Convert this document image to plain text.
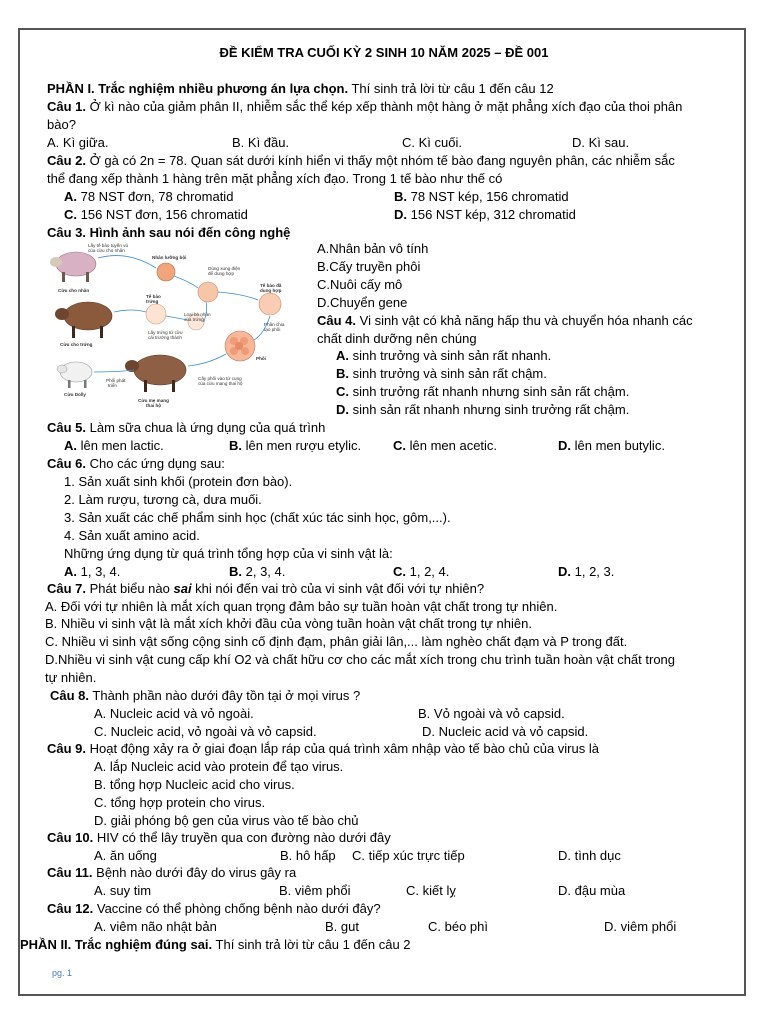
ĐỀ KIỂM TRA CUỐI KỲ 2 SINH 10 NĂM 2025 – ĐỀ 001
PHẦN I. Trắc nghiệm nhiều phương án lựa chọn. Thí sinh trả lời từ câu 1 đến câu 12
Câu 1. Ở kì nào của giảm phân II, nhiễm sắc thể kép xếp thành một hàng ở mặt phẳng xích đạo của thoi phân
bào?
A. Kì giữa.	B. Kì đầu.	C. Kì cuối.	D. Kì sau.
Câu 2. Ở gà có 2n = 78. Quan sát dưới kính hiển vi thấy một nhóm tế bào đang nguyên phân, các nhiễm sắc
thể đang xếp thành 1 hàng trên mặt phẳng xích đạo. Trong 1 tế bào như thế có
A. 78 NST đơn, 78 chromatid	B. 78 NST kép, 156 chromatid
C. 156 NST đơn, 156 chromatid	D. 156 NST kép, 312 chromatid
Câu 3. Hình ảnh sau nói đến công nghệ
Lấy tế bào tuyến vú
của cừu cho nhân
Nhân lưỡng bội
Dùng xung điện
để dung hợp
Tế bào đã
dung hợp
Cừu cho nhân
Tế bào
trứng
Loại bỏ nhân
của trứng
Cừu cho trứng
Lấy trứng từ cừu
cái trưởng thành
Phân chia
tạo phôi
Phôi
Cừu mẹ mang
thai hộ
Cấy phôi vào tử cung
của cừu mang thai hộ
Cừu Dolly
Phôi phát
triển
A.Nhân bản vô tính
B.Cấy truyền phôi
C.Nuôi cấy mô
D.Chuyển gene
Câu 4. Vi sinh vật có khả năng hấp thu và chuyển hóa nhanh các
chất dinh dưỡng nên chúng
A. sinh trưởng và sinh sản rất nhanh.
B. sinh trưởng và sinh sản rất chậm.
C. sinh trưởng rất nhanh nhưng sinh sản rất chậm.
D. sinh sản rất nhanh nhưng sinh trưởng rất chậm.
Câu 5. Làm sữa chua là ứng dụng của quá trình
A. lên men lactic.	B. lên men rượu etylic. C. lên men acetic.	D. lên men butylic.
Câu 6. Cho các ứng dụng sau:
1. Sản xuất sinh khối (protein đơn bào).
2. Làm rượu, tương cà, dưa muối.
3. Sản xuất các chế phẩm sinh học (chất xúc tác sinh học, gôm,...).
4. Sản xuất amino acid.
Những ứng dụng từ quá trình tổng hợp của vi sinh vật là:
A. 1, 3, 4.	B. 2, 3, 4.	C. 1, 2, 4.	D. 1, 2, 3.
Câu 7. Phát biểu nào sai khi nói đến vai trò của vi sinh vật đối với tự nhiên?
A. Đối với tự nhiên là mắt xích quan trọng đảm bảo sự tuần hoàn vật chất trong tự nhiên.
B. Nhiều vi sinh vật là mắt xích khởi đầu của vòng tuần hoàn vật chất trong tự nhiên.
C. Nhiều vi sinh vật sống cộng sinh cố định đạm, phân giải lân,... làm nghèo chất đạm và P trong đất.
D.Nhiều vi sinh vật cung cấp khí O2 và chất hữu cơ cho các mắt xích trong chu trình tuần hoàn vật chất trong
tự nhiên.
Câu 8. Thành phần nào dưới đây tồn tại ở mọi virus ?
A. Nucleic acid và vỏ ngoài.	B. Vỏ ngoài và vỏ capsid.
C. Nucleic acid, vỏ ngoài và vỏ capsid.	D. Nucleic acid và vỏ capsid.
Câu 9. Hoạt động xảy ra ở giai đoạn lắp ráp của quá trình xâm nhập vào tế bào chủ của virus là
A. lắp Nucleic acid vào protein để tạo virus.
B. tổng hợp Nucleic acid cho virus.
C. tổng hợp protein cho virus.
D. giải phóng bộ gen của virus vào tế bào chủ
Câu 10. HIV có thể lây truyền qua con đường nào dưới đây
A. ăn uống	B. hô hấp C. tiếp xúc trực tiếp	D. tình dục
Câu 11. Bệnh nào dưới đây do virus gây ra
A. suy tim	B. viêm phổi	C. kiết lỵ	D. đậu mùa
Câu 12. Vaccine có thể phòng chống bệnh nào dưới đây?
A. viêm não nhật bản	B. gut	C. béo phì	D. viêm phổi
PHẦN II. Trắc nghiệm đúng sai. Thí sinh trả lời từ câu 1 đến câu 2
pg. 1
